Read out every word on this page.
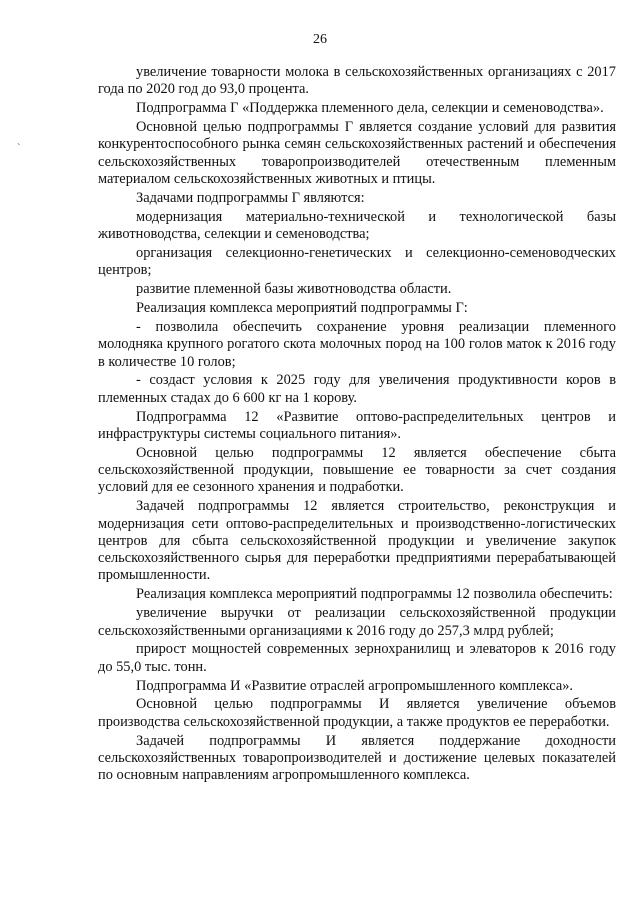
26
`

увеличение товарности молока в сельскохозяйственных организациях с 2017 года по 2020 год до 93,0 процента.

Подпрограмма Г «Поддержка племенного дела, селекции и семеноводства».

Основной целью подпрограммы Г является создание условий для развития конкурентоспособного рынка семян сельскохозяйственных растений и обеспечения сельскохозяйственных товаропроизводителей отечественным племенным материалом сельскохозяйственных животных и птицы.

Задачами подпрограммы Г являются:

модернизация материально-технической и технологической базы животноводства, селекции и семеноводства;

организация селекционно-генетических и селекционно-семеноводческих центров;

развитие племенной базы животноводства области.

Реализация комплекса мероприятий подпрограммы Г:

- позволила обеспечить сохранение уровня реализации племенного молодняка крупного рогатого скота молочных пород на 100 голов маток к 2016 году в количестве 10 голов;

- создаст условия к 2025 году для увеличения продуктивности коров в племенных стадах до 6 600 кг на 1 корову.

Подпрограмма 12 «Развитие оптово-распределительных центров и инфраструктуры системы социального питания».

Основной целью подпрограммы 12 является обеспечение сбыта сельскохозяйственной продукции, повышение ее товарности за счет создания условий для ее сезонного хранения и подработки.

Задачей подпрограммы 12 является строительство, реконструкция и модернизация сети оптово-распределительных и производственно-логистических центров для сбыта сельскохозяйственной продукции и увеличение закупок сельскохозяйственного сырья для переработки предприятиями перерабатывающей промышленности.

Реализация комплекса мероприятий подпрограммы 12 позволила обеспечить:

увеличение выручки от реализации сельскохозяйственной продукции сельскохозяйственными организациями к 2016 году до 257,3 млрд рублей;

прирост мощностей современных зернохранилищ и элеваторов к 2016 году до 55,0 тыс. тонн.

Подпрограмма И «Развитие отраслей агропромышленного комплекса».

Основной целью подпрограммы И является увеличение объемов производства сельскохозяйственной продукции, а также продуктов ее переработки.

Задачей подпрограммы И является поддержание доходности сельскохозяйственных товаропроизводителей и достижение целевых показателей по основным направлениям агропромышленного комплекса.
